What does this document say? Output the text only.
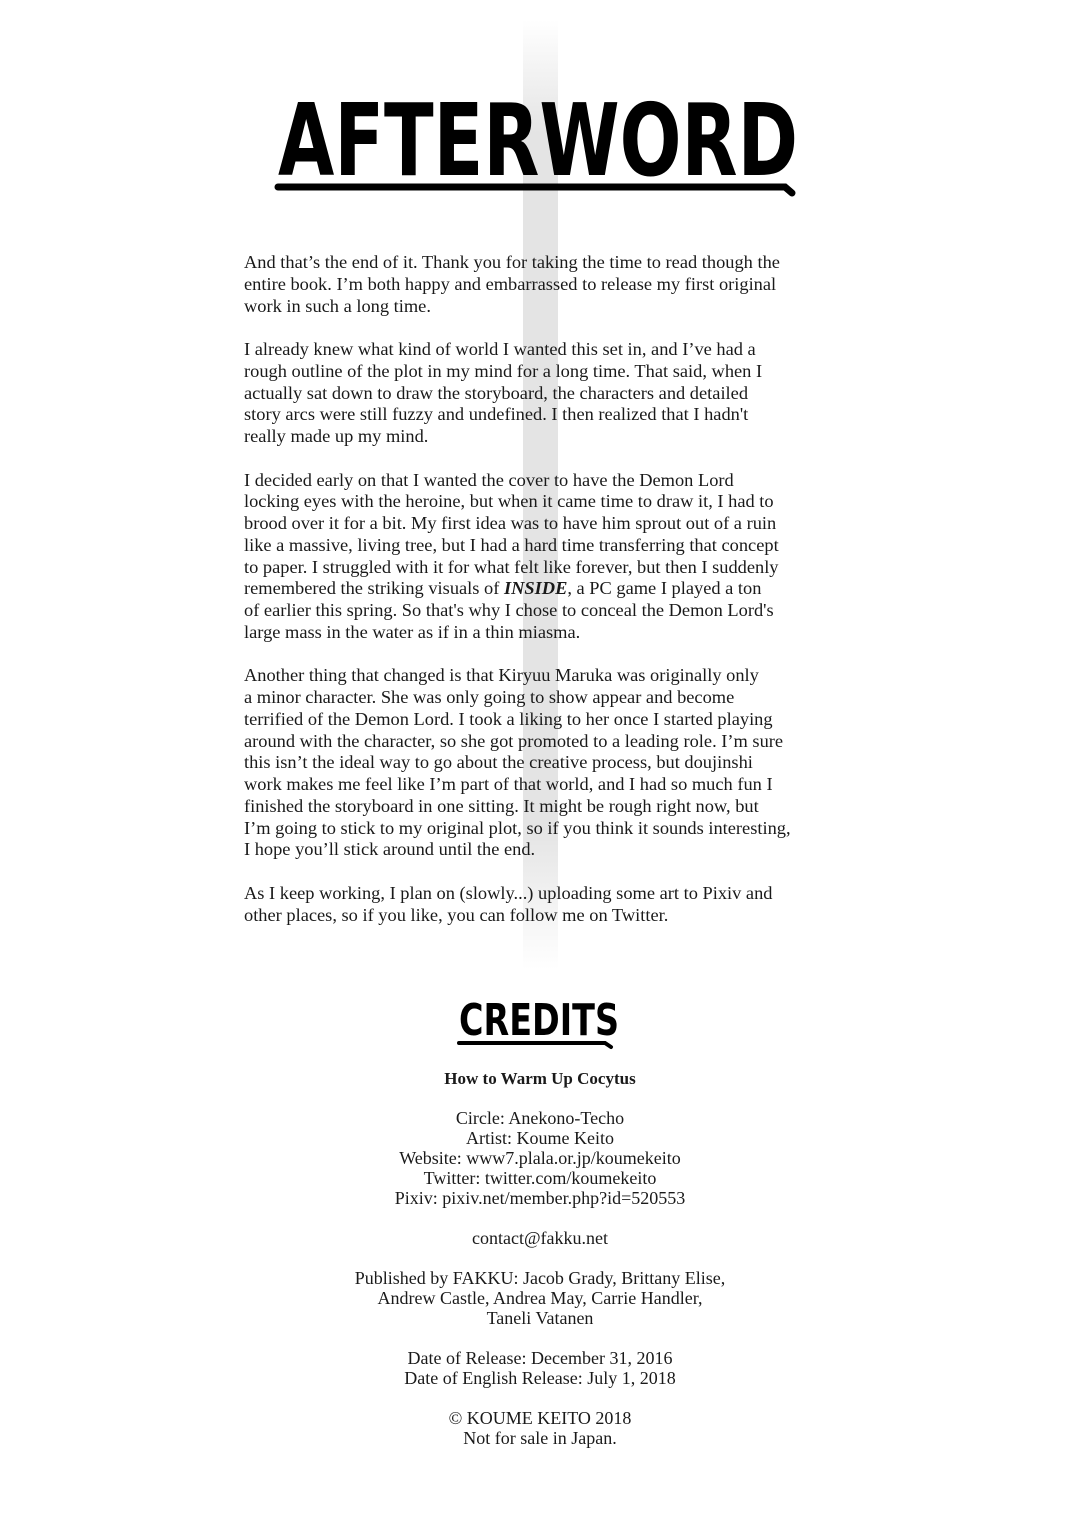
AFTERWORD
And that’s the end of it. Thank you for taking the time to read though the
entire book. I’m both happy and embarrassed to release my first original
work in such a long time.
I already knew what kind of world I wanted this set in, and I’ve had a
rough outline of the plot in my mind for a long time. That said, when I
actually sat down to draw the storyboard, the characters and detailed
story arcs were still fuzzy and undefined. I then realized that I hadn't
really made up my mind.
I decided early on that I wanted the cover to have the Demon Lord
locking eyes with the heroine, but when it came time to draw it, I had to
brood over it for a bit. My first idea was to have him sprout out of a ruin
like a massive, living tree, but I had a hard time transferring that concept
to paper. I struggled with it for what felt like forever, but then I suddenly
remembered the striking visuals of INSIDE, a PC game I played a ton
of earlier this spring. So that's why I chose to conceal the Demon Lord's
large mass in the water as if in a thin miasma.
Another thing that changed is that Kiryuu Maruka was originally only
a minor character. She was only going to show appear and become
terrified of the Demon Lord. I took a liking to her once I started playing
around with the character, so she got promoted to a leading role. I’m sure
this isn’t the ideal way to go about the creative process, but doujinshi
work makes me feel like I’m part of that world, and I had so much fun I
finished the storyboard in one sitting. It might be rough right now, but
I’m going to stick to my original plot, so if you think it sounds interesting,
I hope you’ll stick around until the end.
As I keep working, I plan on (slowly...) uploading some art to Pixiv and
other places, so if you like, you can follow me on Twitter.
CREDITS
How to Warm Up Cocytus
Circle: Anekono-Techo
Artist: Koume Keito
Website: www7.plala.or.jp/koumekeito
Twitter: twitter.com/koumekeito
Pixiv: pixiv.net/member.php?id=520553
contact@fakku.net
Published by FAKKU: Jacob Grady, Brittany Elise,
Andrew Castle, Andrea May, Carrie Handler,
Taneli Vatanen
Date of Release: December 31, 2016
Date of English Release: July 1, 2018
© KOUME KEITO 2018
Not for sale in Japan.
